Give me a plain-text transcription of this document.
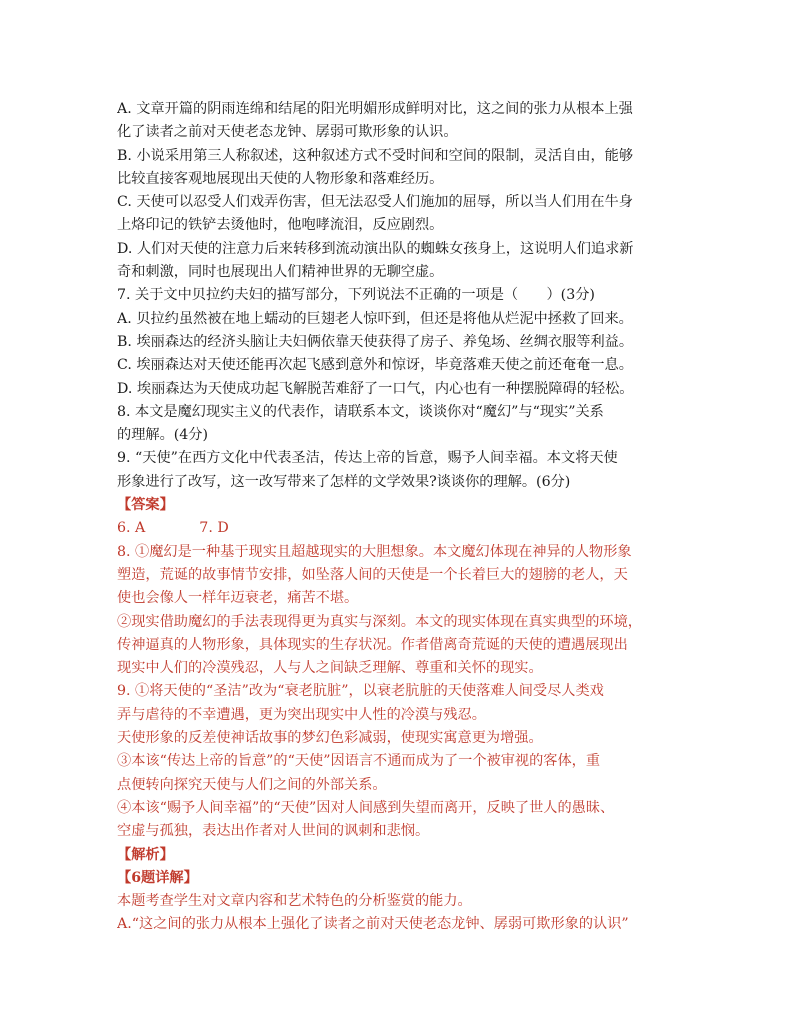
A. 文章开篇的阴雨连绵和结尾的阳光明媚形成鲜明对比，这之间的张力从根本上强
化了读者之前对天使老态龙钟、孱弱可欺形象的认识。
B. 小说采用第三人称叙述，这种叙述方式不受时间和空间的限制，灵活自由，能够
比较直接客观地展现出天使的人物形象和落难经历。
C. 天使可以忍受人们戏弄伤害，但无法忍受人们施加的屈辱，所以当人们用在牛身
上烙印记的铁铲去烫他时，他咆哮流泪，反应剧烈。
D. 人们对天使的注意力后来转移到流动演出队的蜘蛛女孩身上，这说明人们追求新
奇和刺激，同时也展现出人们精神世界的无聊空虚。
7. 关于文中贝拉约夫妇的描写部分，下列说法不正确的一项是（　　）(3分)
A. 贝拉约虽然被在地上蠕动的巨翅老人惊吓到，但还是将他从烂泥中拯救了回来。
B. 埃丽森达的经济头脑让夫妇俩依靠天使获得了房子、养兔场、丝绸衣服等利益。
C. 埃丽森达对天使还能再次起飞感到意外和惊讶，毕竟落难天使之前还奄奄一息。
D. 埃丽森达为天使成功起飞解脱苦难舒了一口气，内心也有一种摆脱障碍的轻松。
8. 本文是魔幻现实主义的代表作，请联系本文，谈谈你对“魔幻”与“现实”关系
的理解。(4分)
9. “天使”在西方文化中代表圣洁，传达上帝的旨意，赐予人间幸福。本文将天使
形象进行了改写，这一改写带来了怎样的文学效果?谈谈你的理解。(6分)
【答案】
6. A	7. D
8. ①魔幻是一种基于现实且超越现实的大胆想象。本文魔幻体现在神异的人物形象
塑造，荒诞的故事情节安排，如坠落人间的天使是一个长着巨大的翅膀的老人，天
使也会像人一样年迈衰老，痛苦不堪。
②现实借助魔幻的手法表现得更为真实与深刻。本文的现实体现在真实典型的环境，
传神逼真的人物形象，具体现实的生存状况。作者借离奇荒诞的天使的遭遇展现出
现实中人们的冷漠残忍，人与人之间缺乏理解、尊重和关怀的现实。
9. ①将天使的“圣洁”改为“衰老肮脏”，以衰老肮脏的天使落难人间受尽人类戏
弄与虐待的不幸遭遇，更为突出现实中人性的冷漠与残忍。
天使形象的反差使神话故事的梦幻色彩减弱，使现实寓意更为增强。
③本该“传达上帝的旨意”的“天使”因语言不通而成为了一个被审视的客体，重
点便转向探究天使与人们之间的外部关系。
④本该“赐予人间幸福”的“天使”因对人间感到失望而离开，反映了世人的愚昧、
空虚与孤独，表达出作者对人世间的讽刺和悲悯。
【解析】
【6题详解】
本题考查学生对文章内容和艺术特色的分析鉴赏的能力。
A.“这之间的张力从根本上强化了读者之前对天使老态龙钟、孱弱可欺形象的认识”
